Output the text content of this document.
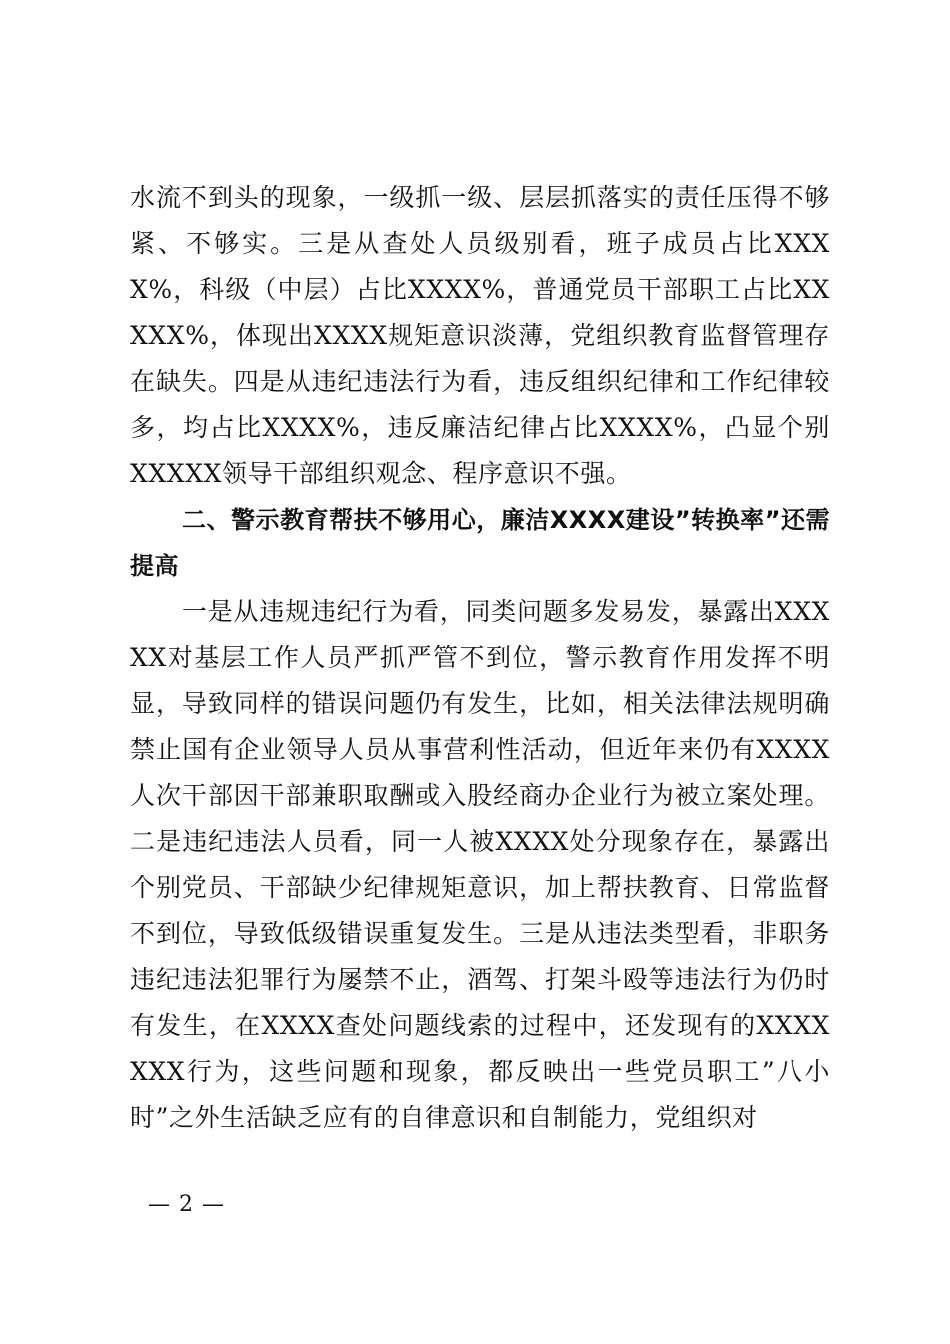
水流不到头的现象，一级抓一级、层层抓落实的责任压得不够紧、不够实。三是从查处人员级别看，班子成员占比XXXX%，科级（中层）占比XXXX%，普通党员干部职工占比XXXXX%，体现出XXXX规矩意识淡薄，党组织教育监督管理存在缺失。四是从违纪违法行为看，违反组织纪律和工作纪律较多，均占比XXXX%，违反廉洁纪律占比XXXX%，凸显个别XXXXX领导干部组织观念、程序意识不强。

二、警示教育帮扶不够用心，廉洁XXXX建设”转换率”还需提高

一是从违规违纪行为看，同类问题多发易发，暴露出XXXXX对基层工作人员严抓严管不到位，警示教育作用发挥不明显，导致同样的错误问题仍有发生，比如，相关法律法规明确禁止国有企业领导人员从事营利性活动，但近年来仍有XXXX人次干部因干部兼职取酬或入股经商办企业行为被立案处理。二是违纪违法人员看，同一人被XXXX处分现象存在，暴露出个别党员、干部缺少纪律规矩意识，加上帮扶教育、日常监督不到位，导致低级错误重复发生。三是从违法类型看，非职务违纪违法犯罪行为屡禁不止，酒驾、打架斗殴等违法行为仍时有发生，在XXXX查处问题线索的过程中，还发现有的XXXXXXX行为，这些问题和现象，都反映出一些党员职工”八小时”之外生活缺乏应有的自律意识和自制能力，党组织对

— 2 —
